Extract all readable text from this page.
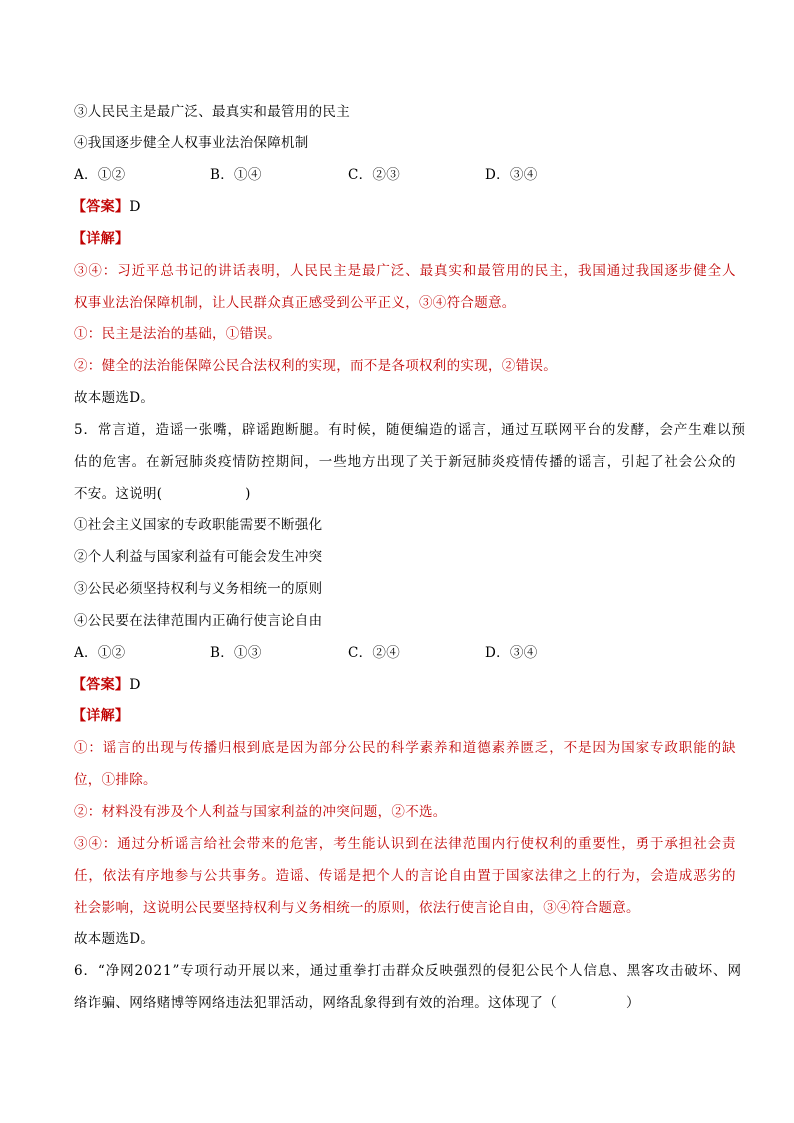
③人民民主是最广泛、最真实和最管用的民主
④我国逐步健全人权事业法治保障机制
A．①②	B．①④	C．②③	D．③④
【答案】D
【详解】
③④：习近平总书记的讲话表明，人民民主是最广泛、最真实和最管用的民主，我国通过我国逐步健全人
权事业法治保障机制，让人民群众真正感受到公平正义，③④符合题意。
①：民主是法治的基础，①错误。
②：健全的法治能保障公民合法权利的实现，而不是各项权利的实现，②错误。
故本题选D。
5．常言道，造谣一张嘴，辟谣跑断腿。有时候，随便编造的谣言，通过互联网平台的发酵，会产生难以预
估的危害。在新冠肺炎疫情防控期间，一些地方出现了关于新冠肺炎疫情传播的谣言，引起了社会公众的
不安。这说明(　　　　　　)
①社会主义国家的专政职能需要不断强化
②个人利益与国家利益有可能会发生冲突
③公民必须坚持权利与义务相统一的原则
④公民要在法律范围内正确行使言论自由
A．①②	B．①③	C．②④	D．③④
【答案】D
【详解】
①：谣言的出现与传播归根到底是因为部分公民的科学素养和道德素养匮乏，不是因为国家专政职能的缺
位，①排除。
②：材料没有涉及个人利益与国家利益的冲突问题，②不选。
③④：通过分析谣言给社会带来的危害，考生能认识到在法律范围内行使权利的重要性，勇于承担社会责
任，依法有序地参与公共事务。造谣、传谣是把个人的言论自由置于国家法律之上的行为，会造成恶劣的
社会影响，这说明公民要坚持权利与义务相统一的原则，依法行使言论自由，③④符合题意。
故本题选D。
6．“净网2021”专项行动开展以来，通过重拳打击群众反映强烈的侵犯公民个人信息、黑客攻击破坏、网
络诈骗、网络赌博等网络违法犯罪活动，网络乱象得到有效的治理。这体现了（　　　　　）
